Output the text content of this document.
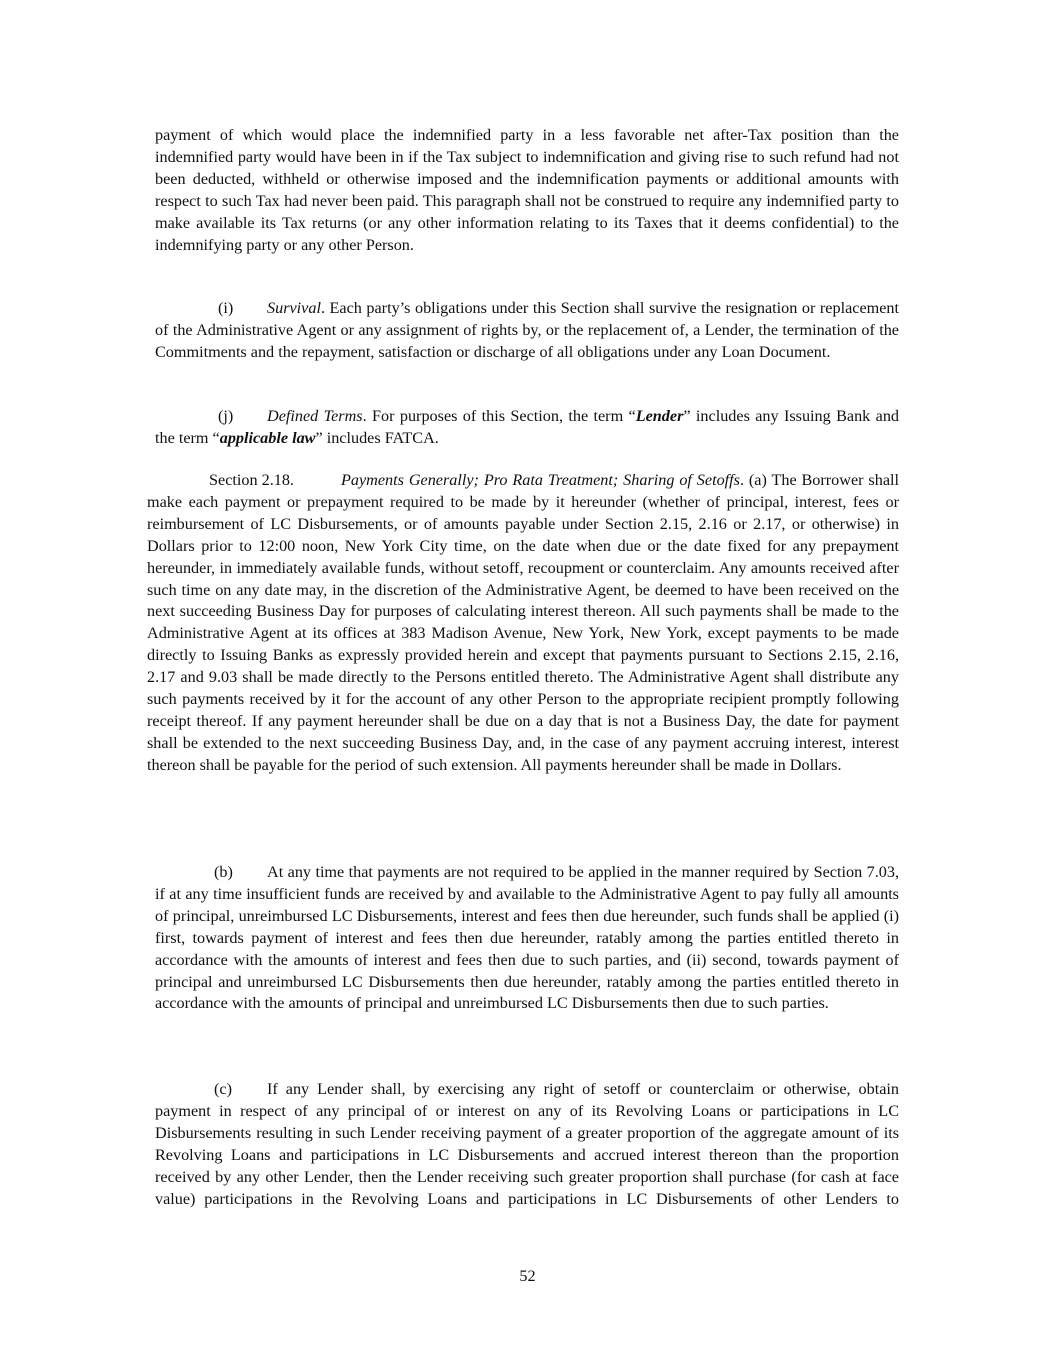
payment of which would place the indemnified party in a less favorable net after-Tax position than the indemnified party would have been in if the Tax subject to indemnification and giving rise to such refund had not been deducted, withheld or otherwise imposed and the indemnification payments or additional amounts with respect to such Tax had never been paid. This paragraph shall not be construed to require any indemnified party to make available its Tax returns (or any other information relating to its Taxes that it deems confidential) to the indemnifying party or any other Person.

(i) Survival. Each party’s obligations under this Section shall survive the resignation or replacement of the Administrative Agent or any assignment of rights by, or the replacement of, a Lender, the termination of the Commitments and the repayment, satisfaction or discharge of all obligations under any Loan Document.

(j) Defined Terms. For purposes of this Section, the term “Lender” includes any Issuing Bank and the term “applicable law” includes FATCA.

Section 2.18.	Payments Generally; Pro Rata Treatment; Sharing of Setoffs. (a) The Borrower shall make each payment or prepayment required to be made by it hereunder (whether of principal, interest, fees or reimbursement of LC Disbursements, or of amounts payable under Section 2.15, 2.16 or 2.17, or otherwise) in Dollars prior to 12:00 noon, New York City time, on the date when due or the date fixed for any prepayment hereunder, in immediately available funds, without setoff, recoupment or counterclaim. Any amounts received after such time on any date may, in the discretion of the Administrative Agent, be deemed to have been received on the next succeeding Business Day for purposes of calculating interest thereon. All such payments shall be made to the Administrative Agent at its offices at 383 Madison Avenue, New York, New York, except payments to be made directly to Issuing Banks as expressly provided herein and except that payments pursuant to Sections 2.15, 2.16, 2.17 and 9.03 shall be made directly to the Persons entitled thereto. The Administrative Agent shall distribute any such payments received by it for the account of any other Person to the appropriate recipient promptly following receipt thereof. If any payment hereunder shall be due on a day that is not a Business Day, the date for payment shall be extended to the next succeeding Business Day, and, in the case of any payment accruing interest, interest thereon shall be payable for the period of such extension. All payments hereunder shall be made in Dollars.

(b) At any time that payments are not required to be applied in the manner required by Section 7.03, if at any time insufficient funds are received by and available to the Administrative Agent to pay fully all amounts of principal, unreimbursed LC Disbursements, interest and fees then due hereunder, such funds shall be applied (i) first, towards payment of interest and fees then due hereunder, ratably among the parties entitled thereto in accordance with the amounts of interest and fees then due to such parties, and (ii) second, towards payment of principal and unreimbursed LC Disbursements then due hereunder, ratably among the parties entitled thereto in accordance with the amounts of principal and unreimbursed LC Disbursements then due to such parties.

(c) If any Lender shall, by exercising any right of setoff or counterclaim or otherwise, obtain payment in respect of any principal of or interest on any of its Revolving Loans or participations in LC Disbursements resulting in such Lender receiving payment of a greater proportion of the aggregate amount of its Revolving Loans and participations in LC Disbursements and accrued interest thereon than the proportion received by any other Lender, then the Lender receiving such greater proportion shall purchase (for cash at face value) participations in the Revolving Loans and participations in LC Disbursements of other Lenders to

52
